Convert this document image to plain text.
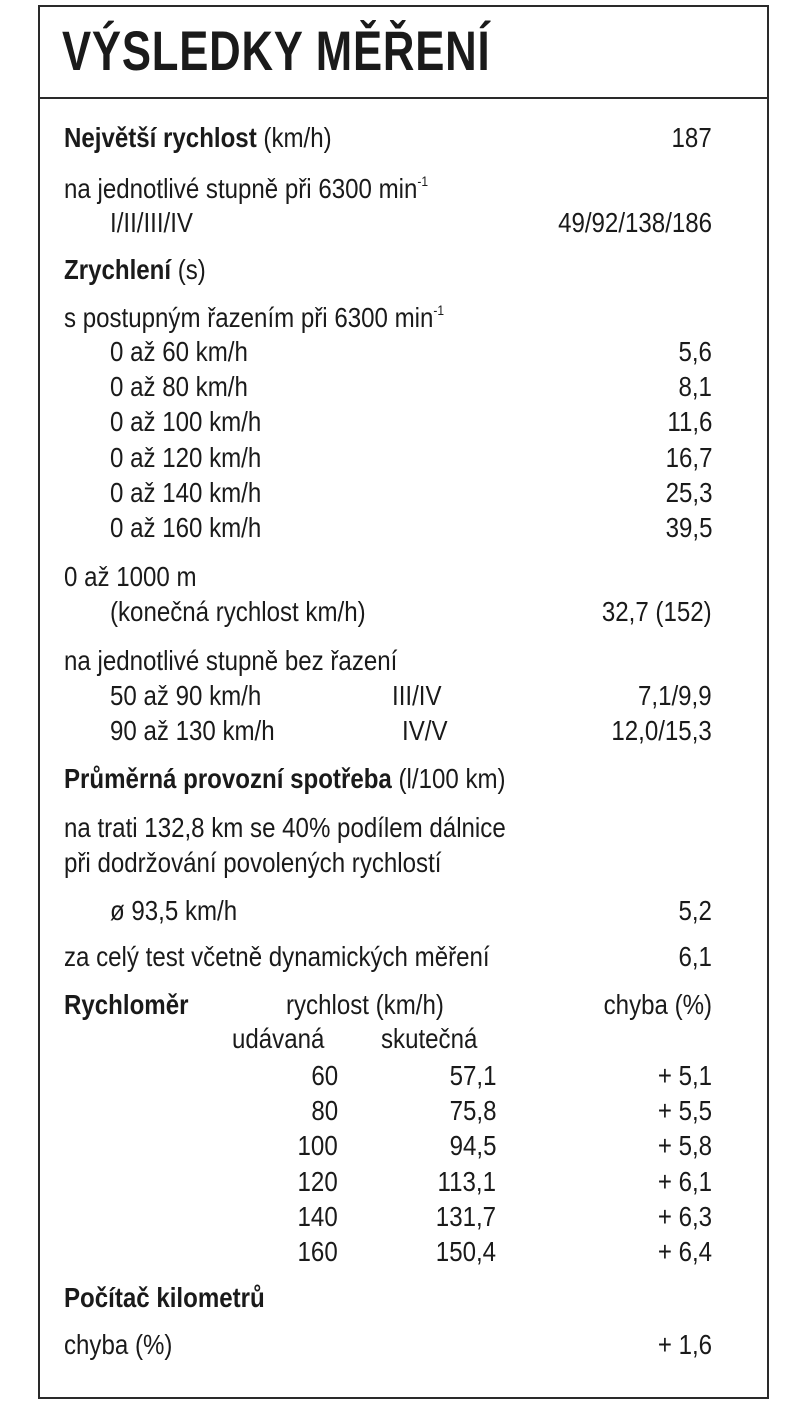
VÝSLEDKY MĚŘENÍ
Největší rychlost (km/h)	187
na jednotlivé stupně při 6300 $\min^{-1}$
I/II/III/IV	49/92/138/186
Zrychlení (s)
s postupným řazením při 6300 $\min^{-1}$
0 až 60 km/h	5,6
0 až 80 km/h	8,1
0 až 100 km/h	11,6
0 až 120 km/h	16,7
0 až 140 km/h	25,3
0 až 160 km/h	39,5
0 až 1000 m
(konečná rychlost km/h)	32,7 (152)
na jednotlivé stupně bez řazení
50 až 90 km/h	III/IV	7,1/9,9
90 až 130 km/h	IV/V	12,0/15,3
Průměrná provozní spotřeba (l/100 km)
na trati 132,8 km se 40% podílem dálnice
při dodržování povolených rychlostí
ø 93,5 km/h	5,2
za celý test včetně dynamických měření	6,1
Rychloměr	rychlost (km/h)	chyba (%)
udávaná skutečná
60	57,1	+ 5,1
80	75,8	+ 5,5
100	94,5	+ 5,8
120	113,1	+ 6,1
140	131,7	+ 6,3
160	150,4	+ 6,4
Počítač kilometrů
chyba (%)	+ 1,6
